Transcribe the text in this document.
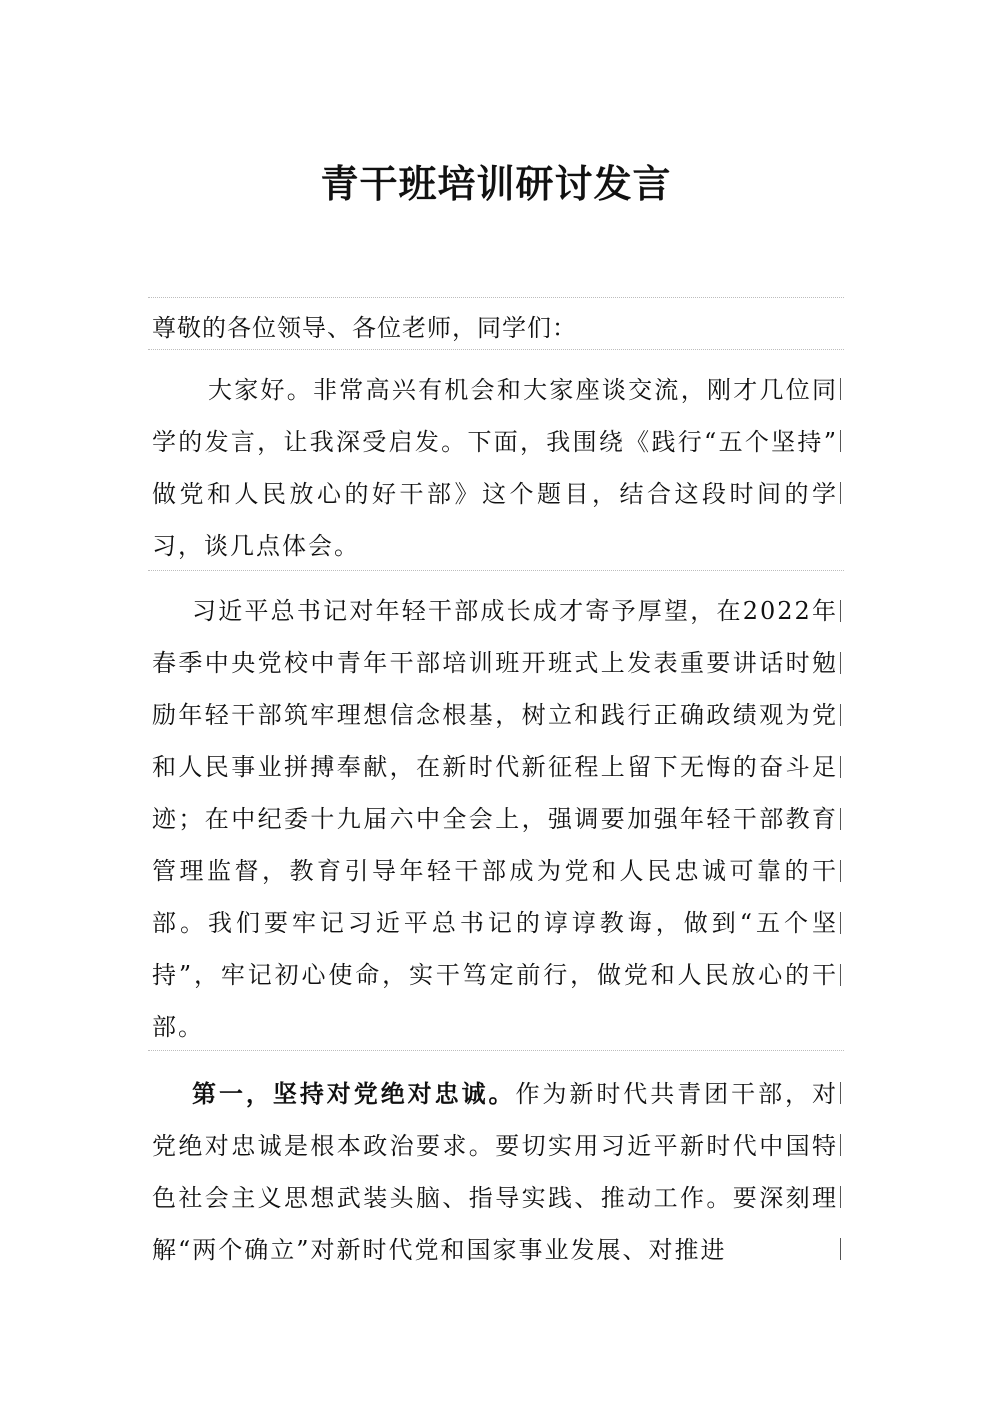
青干班培训研讨发言
尊敬的各位领导、各位老师，同学们：
大家好。非常高兴有机会和大家座谈交流，刚才几位同学的发言，让我深受启发。下面，我围绕《践行“五个坚持” 做党和人民放心的好干部》这个题目，结合这段时间的学习，谈几点体会。
习近平总书记对年轻干部成长成才寄予厚望，在2022年春季中央党校中青年干部培训班开班式上发表重要讲话时勉励年轻干部筑牢理想信念根基，树立和践行正确政绩观为党和人民事业拼搏奉献，在新时代新征程上留下无悔的奋斗足迹；在中纪委十九届六中全会上，强调要加强年轻干部教育管理监督，教育引导年轻干部成为党和人民忠诚可靠的干部。我们要牢记习近平总书记的谆谆教诲，做到“五个坚持”，牢记初心使命，实干笃定前行，做党和人民放心的干部。
第一，坚持对党绝对忠诚。作为新时代共青团干部，对党绝对忠诚是根本政治要求。要切实用习近平新时代中国特色社会主义思想武装头脑、指导实践、推动工作。要深刻理解“两个确立”对新时代党和国家事业发展、对推进
